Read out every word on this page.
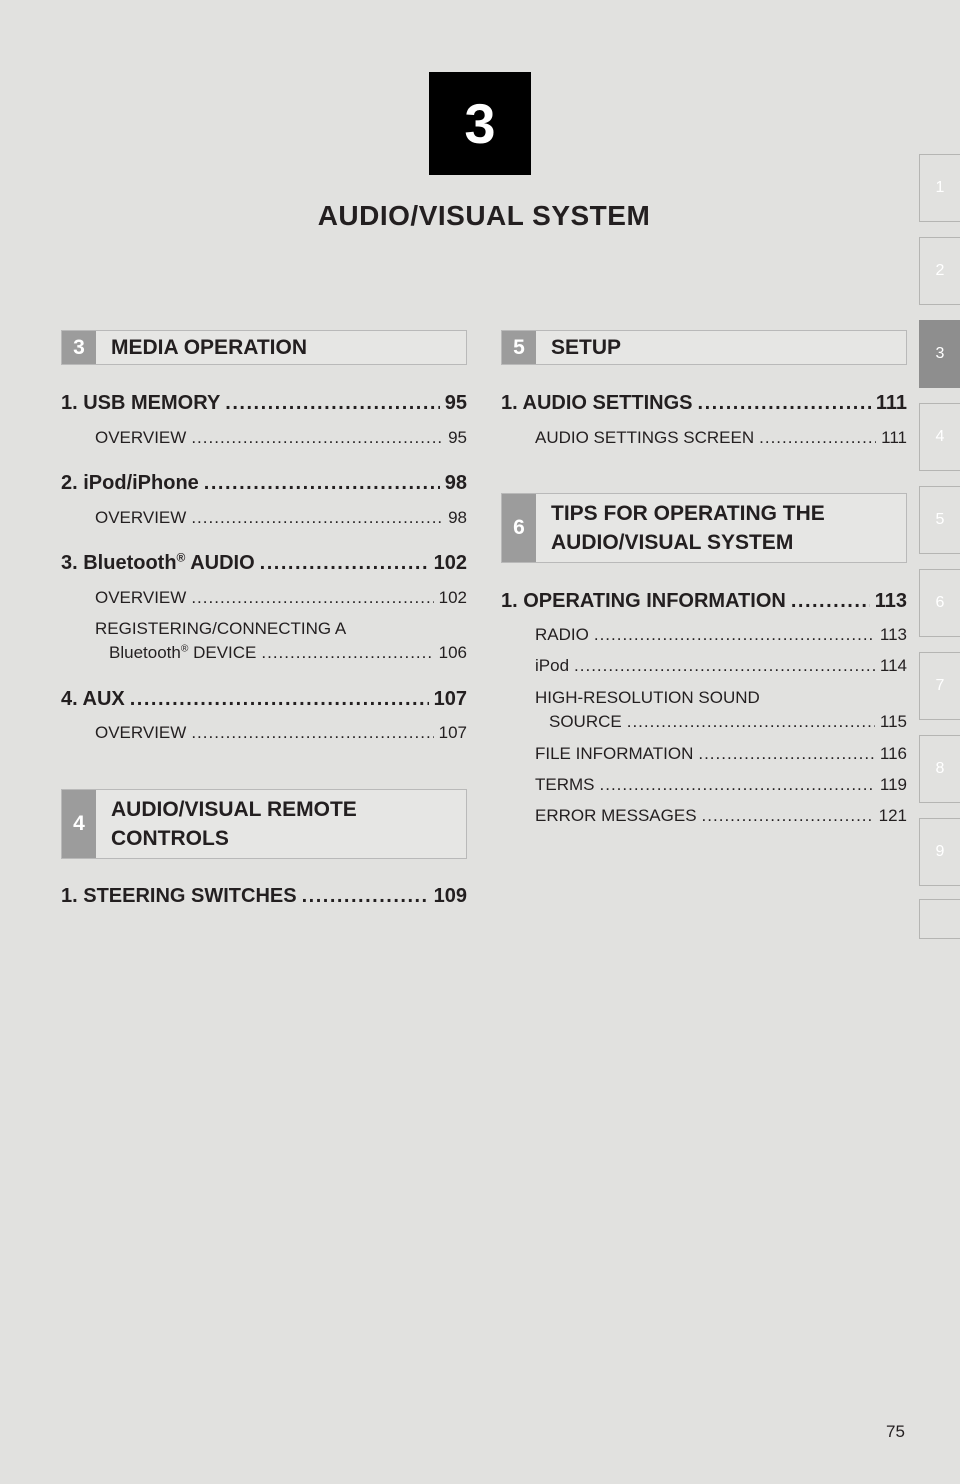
3
AUDIO/VISUAL SYSTEM
1
2
3
4
5
6
7
8
9
3	MEDIA OPERATION
1. USB MEMORY .....	95
OVERVIEW .....	95
2. iPod/iPhone .....	98
OVERVIEW .....	98
3. Bluetooth® AUDIO .....	102
OVERVIEW .....	102
REGISTERING/CONNECTING A
Bluetooth® DEVICE .....	106
4. AUX .....	107
OVERVIEW .....	107
4
AUDIO/VISUAL REMOTE
CONTROLS
1. STEERING SWITCHES .....	109
5	SETUP
1. AUDIO SETTINGS .....	111
AUDIO SETTINGS SCREEN .....	111
6
TIPS FOR OPERATING THE
AUDIO/VISUAL SYSTEM
1. OPERATING INFORMATION .....	113
RADIO .....	113
iPod .....	114
HIGH-RESOLUTION SOUND
SOURCE .....	115
FILE INFORMATION .....	116
TERMS .....	119
ERROR MESSAGES .....	121
75
